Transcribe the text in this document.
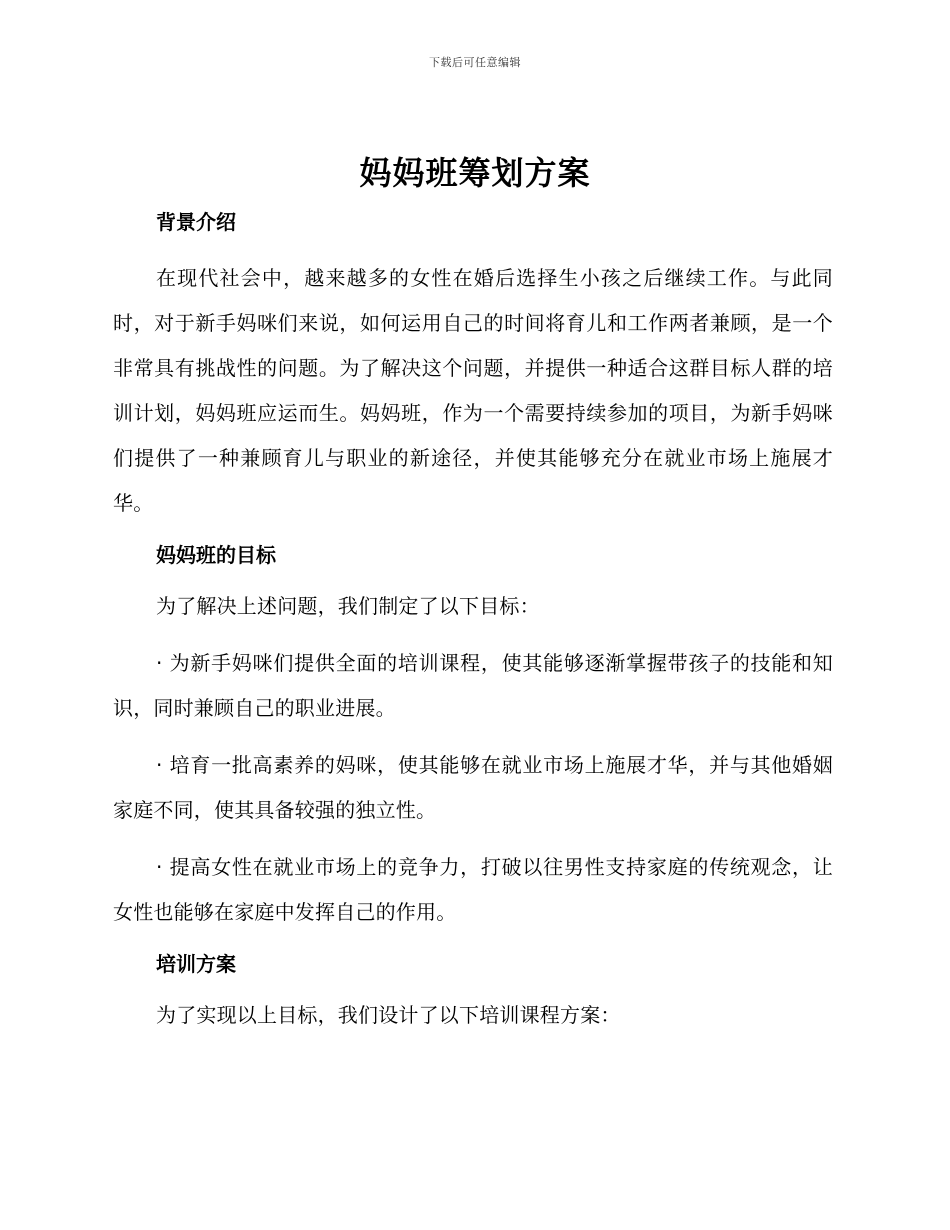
下载后可任意编辑
妈妈班筹划方案
背景介绍

在现代社会中，越来越多的女性在婚后选择生小孩之后继续工作。与此同时，对于新手妈咪们来说，如何运用自己的时间将育儿和工作两者兼顾，是一个非常具有挑战性的问题。为了解决这个问题，并提供一种适合这群目标人群的培训计划，妈妈班应运而生。妈妈班，作为一个需要持续参加的项目，为新手妈咪们提供了一种兼顾育儿与职业的新途径，并使其能够充分在就业市场上施展才华。

妈妈班的目标

为了解决上述问题，我们制定了以下目标：

· 为新手妈咪们提供全面的培训课程，使其能够逐渐掌握带孩子的技能和知识，同时兼顾自己的职业进展。

· 培育一批高素养的妈咪，使其能够在就业市场上施展才华，并与其他婚姻家庭不同，使其具备较强的独立性。

· 提高女性在就业市场上的竞争力，打破以往男性支持家庭的传统观念，让女性也能够在家庭中发挥自己的作用。

培训方案

为了实现以上目标，我们设计了以下培训课程方案：
